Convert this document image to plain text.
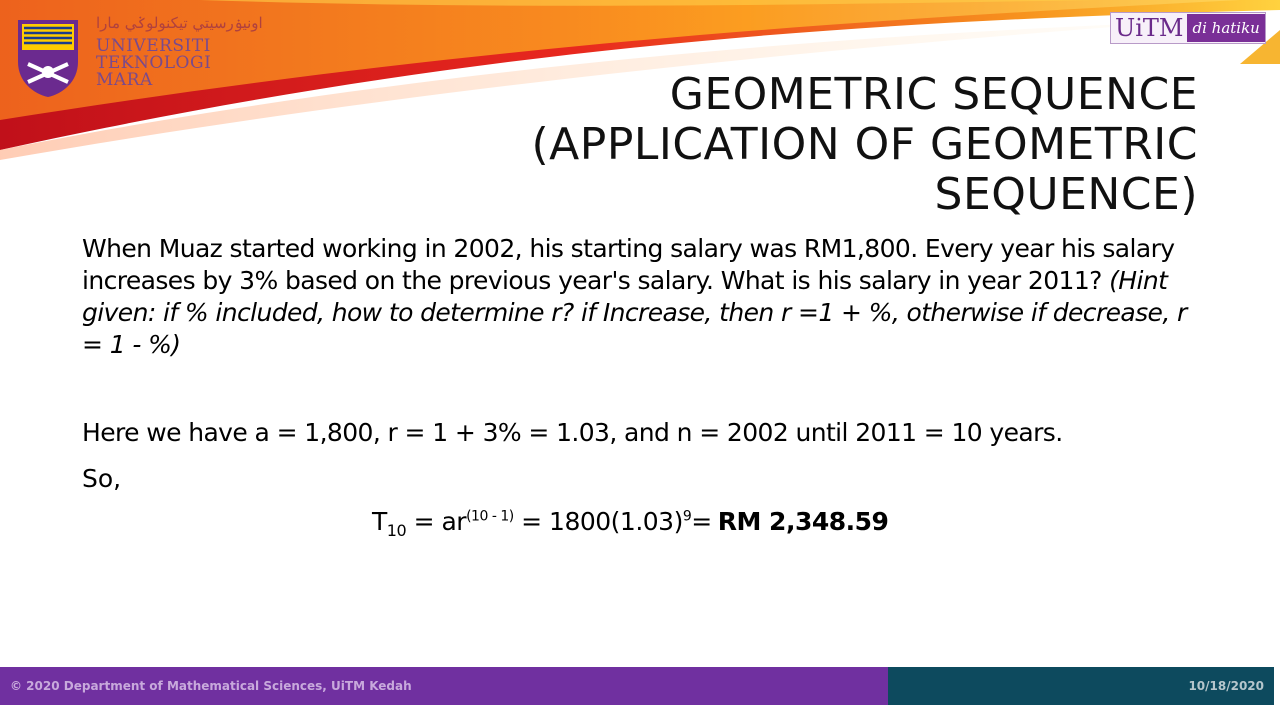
اونيۏرسيتي تيكنولوݢي مارا
UNIVERSITI
TEKNOLOGI
MARA
UiTM di hatiku
GEOMETRIC SEQUENCE
(APPLICATION OF GEOMETRIC
SEQUENCE)
When Muaz started working in 2002, his starting salary was RM1,800. Every year his salary increases by 3% based on the previous year's salary. What is his salary in year 2011? (Hint given: if % included, how to determine r? if Increase, then r =1 + %, otherwise if decrease, r = 1 - %)
Here we have a = 1,800, r = 1 + 3% = 1.03, and n = 2002 until 2011 = 10 years.
So,
$T_{10} = ar^{(10 - 1)} = 1800(1.03)^9=$ RM 2,348.59
© 2020 Department of Mathematical Sciences, UiTM Kedah	10/18/2020
